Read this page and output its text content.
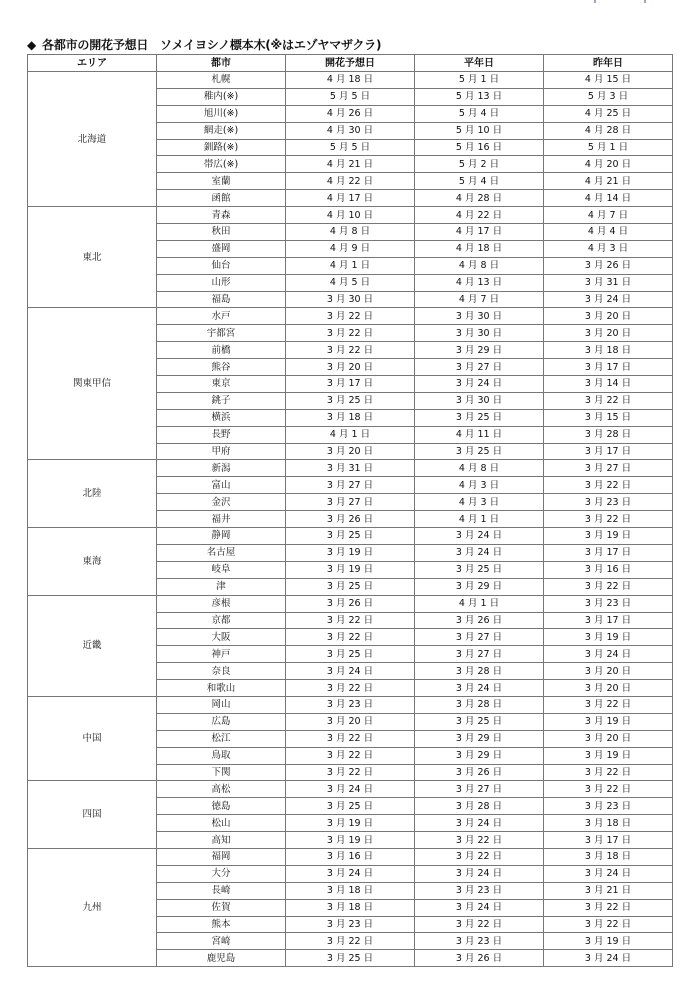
◆ 各都市の開花予想日　ソメイヨシノ標本木(※はエゾヤマザクラ)
エリア	都市	開花予想日	平年日	昨年日
北海道	札幌	4 月 18 日	5 月 1 日	4 月 15 日
	稚内(※)	5 月 5 日	5 月 13 日	5 月 3 日
	旭川(※)	4 月 26 日	5 月 4 日	4 月 25 日
	網走(※)	4 月 30 日	5 月 10 日	4 月 28 日
	釧路(※)	5 月 5 日	5 月 16 日	5 月 1 日
	帯広(※)	4 月 21 日	5 月 2 日	4 月 20 日
	室蘭	4 月 22 日	5 月 4 日	4 月 21 日
	函館	4 月 17 日	4 月 28 日	4 月 14 日
東北	青森	4 月 10 日	4 月 22 日	4 月 7 日
	秋田	4 月 8 日	4 月 17 日	4 月 4 日
	盛岡	4 月 9 日	4 月 18 日	4 月 3 日
	仙台	4 月 1 日	4 月 8 日	3 月 26 日
	山形	4 月 5 日	4 月 13 日	3 月 31 日
	福島	3 月 30 日	4 月 7 日	3 月 24 日
関東甲信	水戸	3 月 22 日	3 月 30 日	3 月 20 日
	宇都宮	3 月 22 日	3 月 30 日	3 月 20 日
	前橋	3 月 22 日	3 月 29 日	3 月 18 日
	熊谷	3 月 20 日	3 月 27 日	3 月 17 日
	東京	3 月 17 日	3 月 24 日	3 月 14 日
	銚子	3 月 25 日	3 月 30 日	3 月 22 日
	横浜	3 月 18 日	3 月 25 日	3 月 15 日
	長野	4 月 1 日	4 月 11 日	3 月 28 日
	甲府	3 月 20 日	3 月 25 日	3 月 17 日
北陸	新潟	3 月 31 日	4 月 8 日	3 月 27 日
	富山	3 月 27 日	4 月 3 日	3 月 22 日
	金沢	3 月 27 日	4 月 3 日	3 月 23 日
	福井	3 月 26 日	4 月 1 日	3 月 22 日
東海	静岡	3 月 25 日	3 月 24 日	3 月 19 日
	名古屋	3 月 19 日	3 月 24 日	3 月 17 日
	岐阜	3 月 19 日	3 月 25 日	3 月 16 日
	津	3 月 25 日	3 月 29 日	3 月 22 日
近畿	彦根	3 月 26 日	4 月 1 日	3 月 23 日
	京都	3 月 22 日	3 月 26 日	3 月 17 日
	大阪	3 月 22 日	3 月 27 日	3 月 19 日
	神戸	3 月 25 日	3 月 27 日	3 月 24 日
	奈良	3 月 24 日	3 月 28 日	3 月 20 日
	和歌山	3 月 22 日	3 月 24 日	3 月 20 日
中国	岡山	3 月 23 日	3 月 28 日	3 月 22 日
	広島	3 月 20 日	3 月 25 日	3 月 19 日
	松江	3 月 22 日	3 月 29 日	3 月 20 日
	鳥取	3 月 22 日	3 月 29 日	3 月 19 日
	下関	3 月 22 日	3 月 26 日	3 月 22 日
四国	高松	3 月 24 日	3 月 27 日	3 月 22 日
	徳島	3 月 25 日	3 月 28 日	3 月 23 日
	松山	3 月 19 日	3 月 24 日	3 月 18 日
	高知	3 月 19 日	3 月 22 日	3 月 17 日
九州	福岡	3 月 16 日	3 月 22 日	3 月 18 日
	大分	3 月 24 日	3 月 24 日	3 月 24 日
	長崎	3 月 18 日	3 月 23 日	3 月 21 日
	佐賀	3 月 18 日	3 月 24 日	3 月 22 日
	熊本	3 月 23 日	3 月 22 日	3 月 22 日
	宮崎	3 月 22 日	3 月 23 日	3 月 19 日
	鹿児島	3 月 25 日	3 月 26 日	3 月 24 日
